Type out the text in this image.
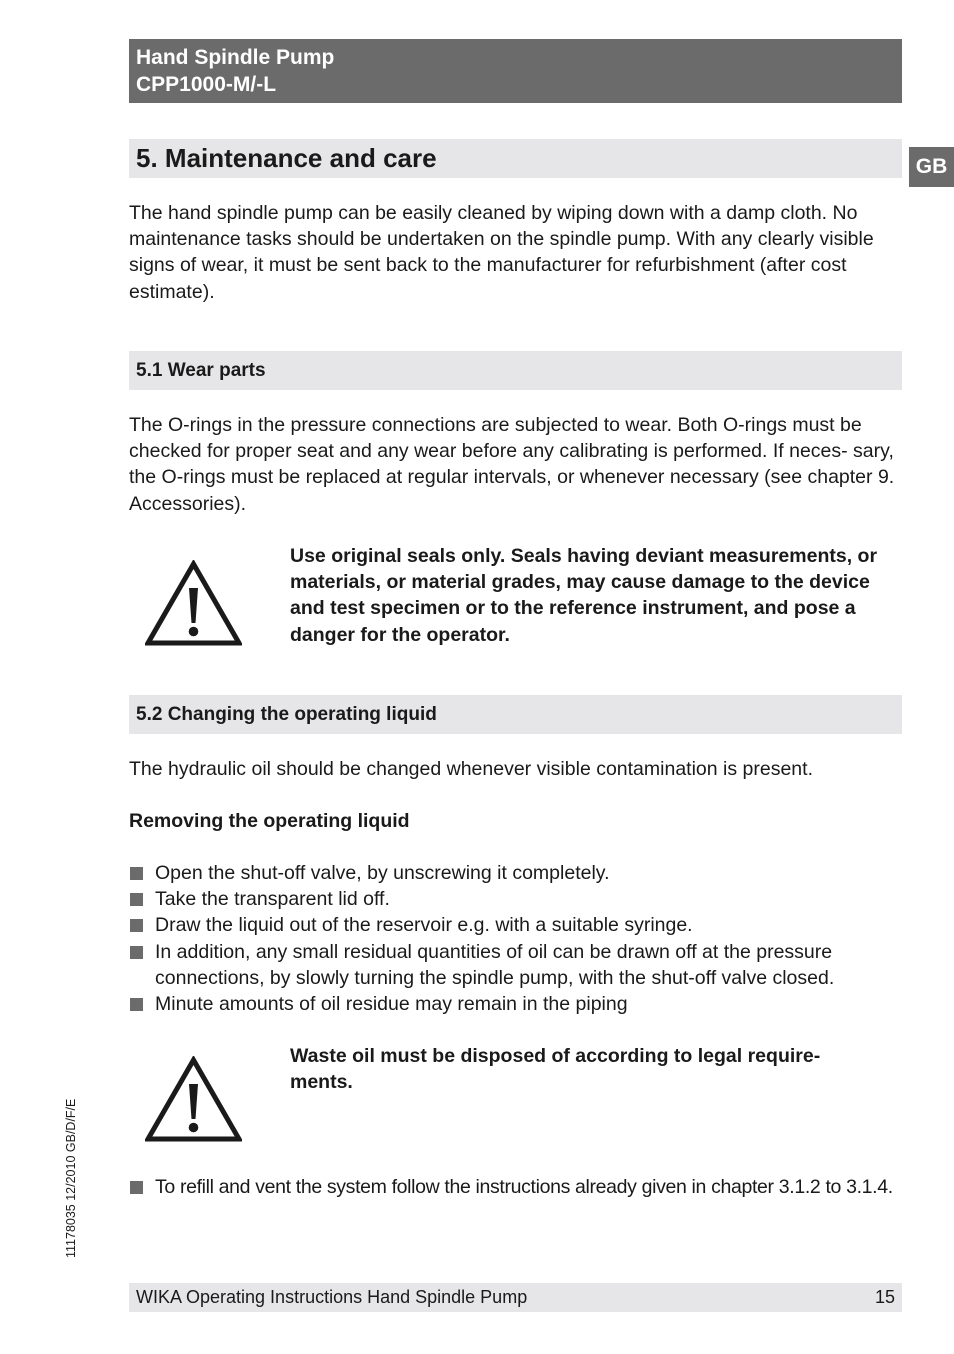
Hand Spindle Pump
CPP1000-M/-L
GB
5. Maintenance and care

The hand spindle pump can be easily cleaned by wiping down with a damp cloth. No maintenance tasks should be undertaken on the spindle pump. With any clearly visible signs of wear, it must be sent back to the manufacturer for refurbishment (after cost estimate).

5.1 Wear parts

The O-rings in the pressure connections are subjected to wear. Both O-rings must be checked for proper seat and any wear before any calibrating is performed. If neces- sary, the O-rings must be replaced at regular intervals, or whenever necessary (see chapter 9. Accessories).

Use original seals only. Seals having deviant measurements, or materials, or material grades, may cause damage to the device and test specimen or to the reference instrument, and pose a danger for the operator.

5.2 Changing the operating liquid

The hydraulic oil should be changed whenever visible contamination is present.

Removing the operating liquid

Open the shut-off valve, by unscrewing it completely.
Take the transparent lid off.
Draw the liquid out of the reservoir e.g. with a suitable syringe.
In addition, any small residual quantities of oil can be drawn off at the pressure connections, by slowly turning the spindle pump, with the shut-off valve closed.
Minute amounts of oil residue may remain in the piping

Waste oil must be disposed of according to legal require- ments.

To refill and vent the system follow the instructions already given in chapter 3.1.2 to 3.1.4.
11178035 12/2010 GB/D/F/E
WIKA Operating Instructions Hand Spindle Pump	15
